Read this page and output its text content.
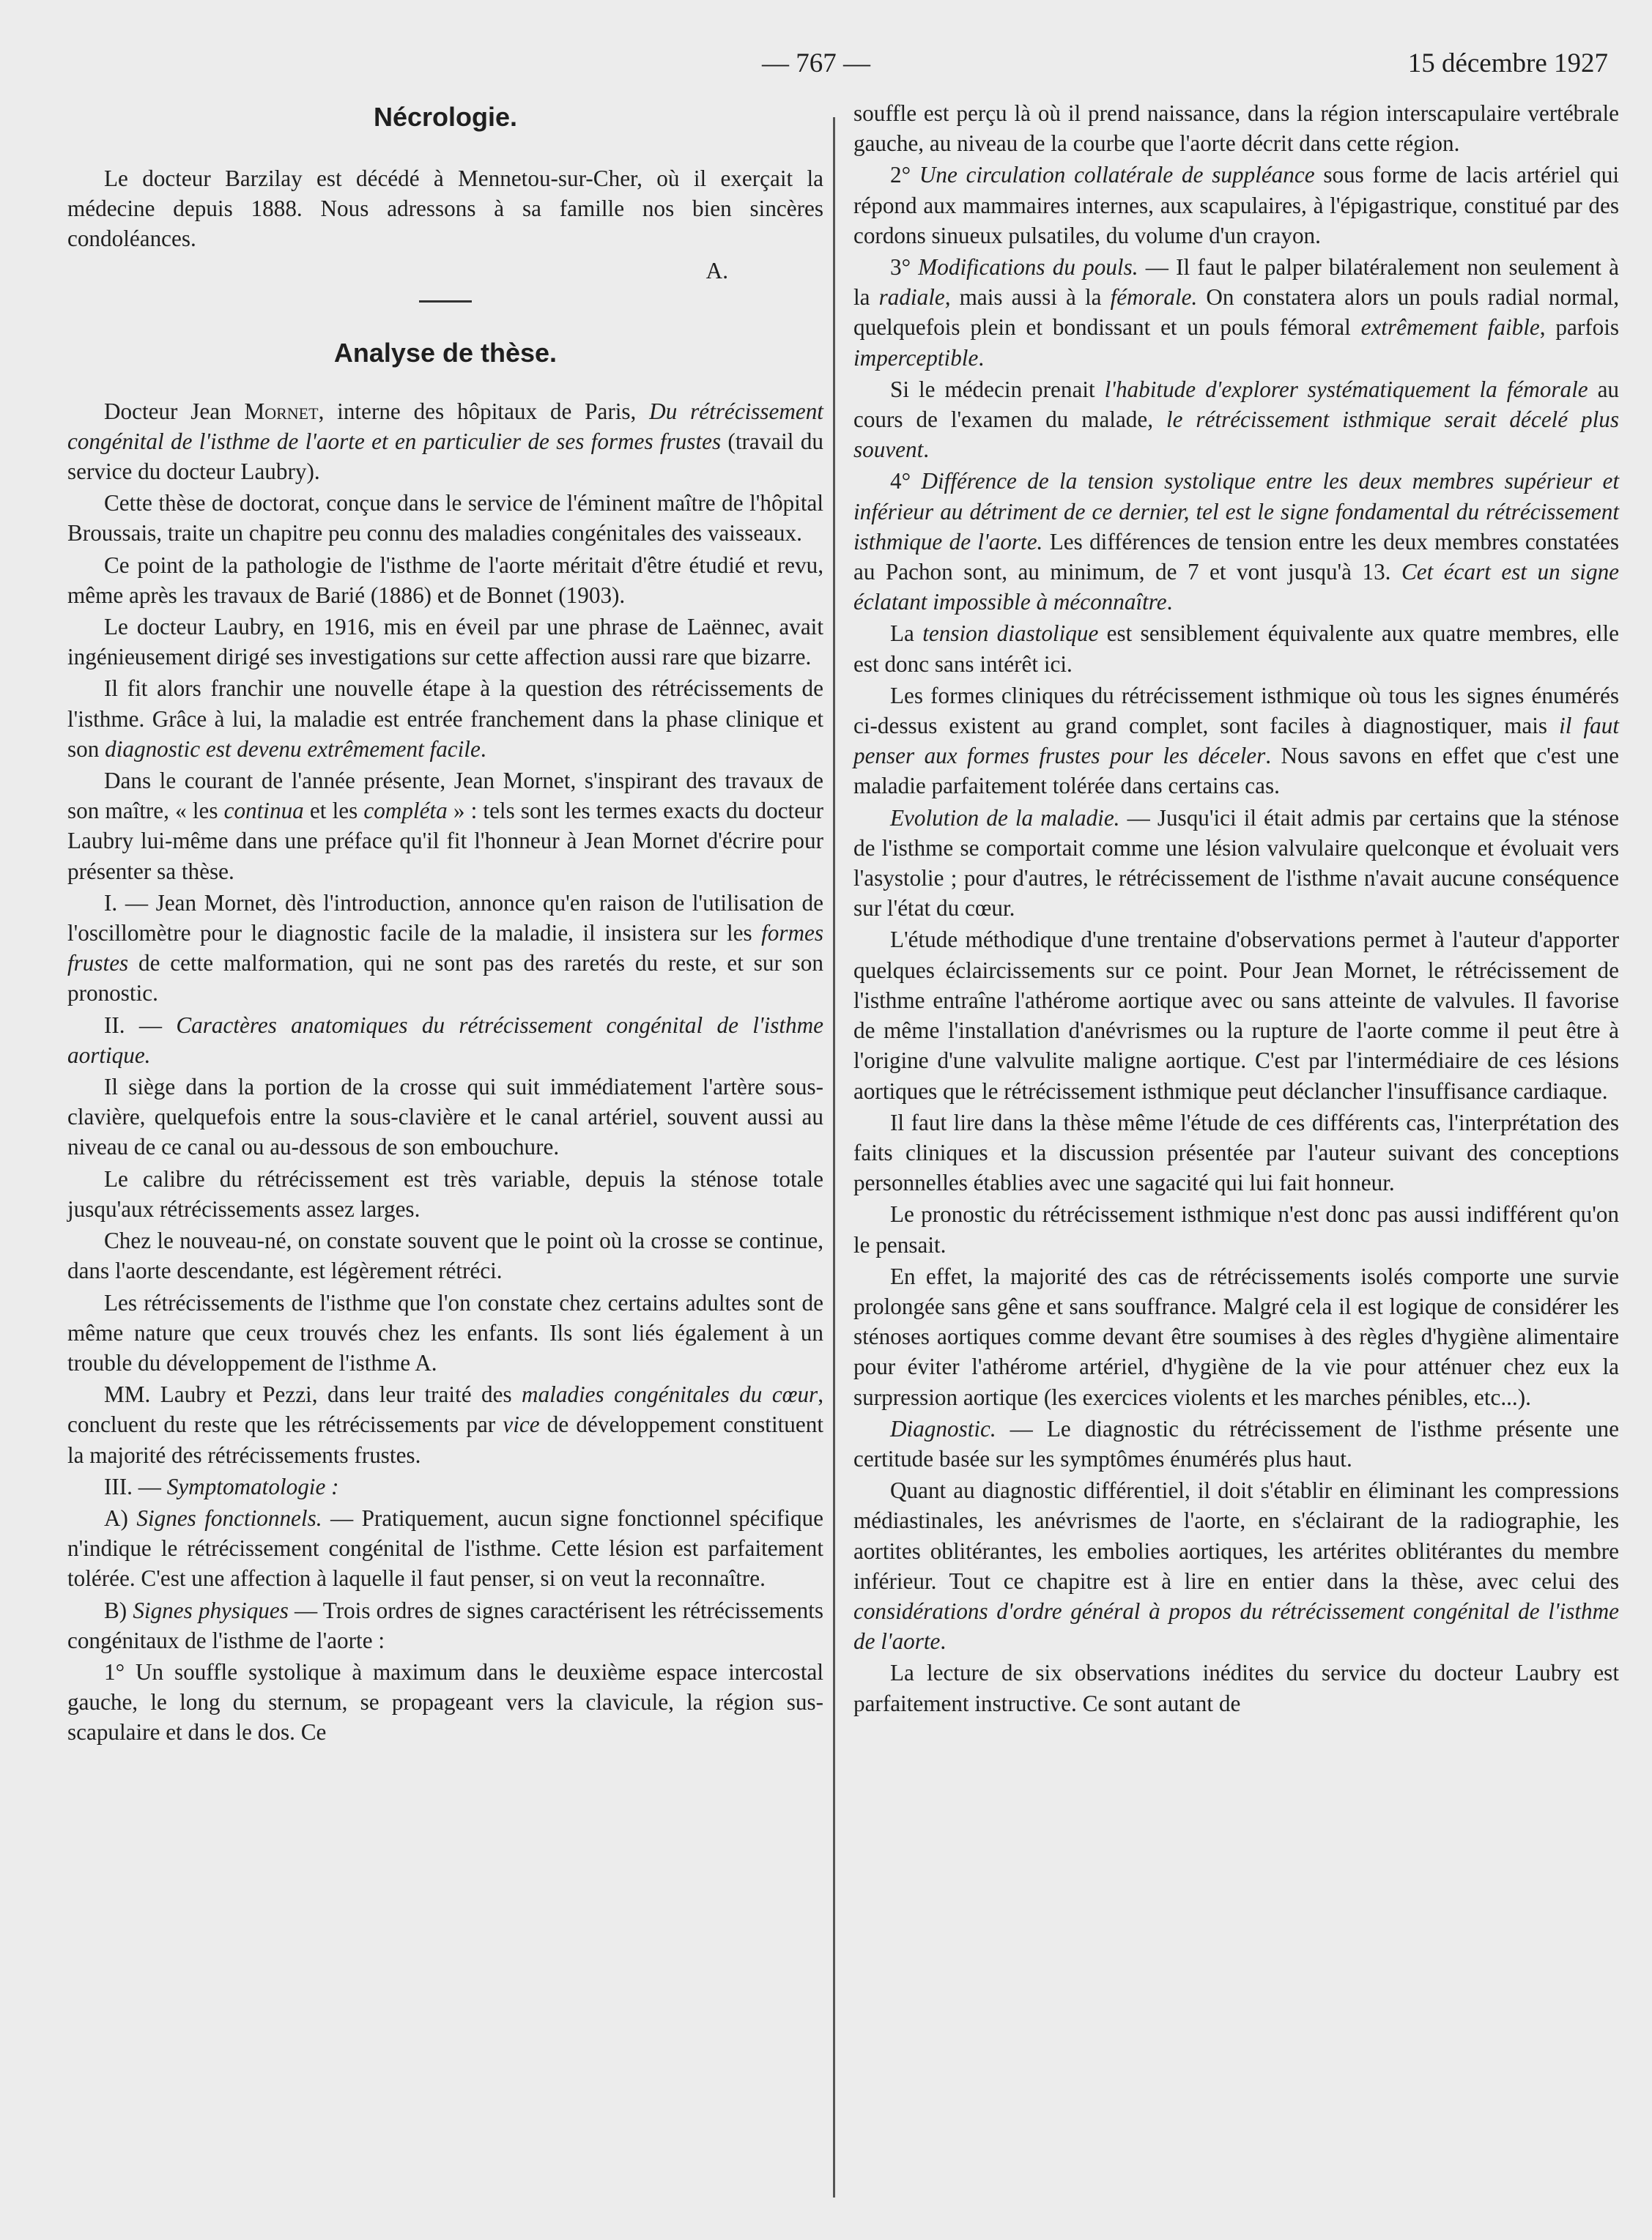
— 767 —	15 décembre 1927
Nécrologie.

Le docteur Barzilay est décédé à Mennetou-sur-Cher, où il exerçait la médecine depuis 1888. Nous adressons à sa famille nos bien sincères condoléances.

A.

Analyse de thèse.

Docteur Jean Mornet, interne des hôpitaux de Paris, Du rétrécissement congénital de l'isthme de l'aorte et en particulier de ses formes frustes (travail du service du docteur Laubry).

Cette thèse de doctorat, conçue dans le service de l'éminent maître de l'hôpital Broussais, traite un chapitre peu connu des maladies congénitales des vaisseaux.

Ce point de la pathologie de l'isthme de l'aorte méritait d'être étudié et revu, même après les travaux de Barié (1886) et de Bonnet (1903).

Le docteur Laubry, en 1916, mis en éveil par une phrase de Laënnec, avait ingénieusement dirigé ses investigations sur cette affection aussi rare que bizarre.

Il fit alors franchir une nouvelle étape à la question des rétrécissements de l'isthme. Grâce à lui, la maladie est entrée franchement dans la phase clinique et son diagnostic est devenu extrêmement facile.

Dans le courant de l'année présente, Jean Mornet, s'inspirant des travaux de son maître, « les continua et les compléta » : tels sont les termes exacts du docteur Laubry lui-même dans une préface qu'il fit l'honneur à Jean Mornet d'écrire pour présenter sa thèse.

I. — Jean Mornet, dès l'introduction, annonce qu'en raison de l'utilisation de l'oscillomètre pour le diagnostic facile de la maladie, il insistera sur les formes frustes de cette malformation, qui ne sont pas des raretés du reste, et sur son pronostic.

II. — Caractères anatomiques du rétrécissement congénital de l'isthme aortique.

Il siège dans la portion de la crosse qui suit immédiatement l'artère sous-clavière, quelquefois entre la sous-clavière et le canal artériel, souvent aussi au niveau de ce canal ou au-dessous de son embouchure.

Le calibre du rétrécissement est très variable, depuis la sténose totale jusqu'aux rétrécissements assez larges.

Chez le nouveau-né, on constate souvent que le point où la crosse se continue, dans l'aorte descendante, est légèrement rétréci.

Les rétrécissements de l'isthme que l'on constate chez certains adultes sont de même nature que ceux trouvés chez les enfants. Ils sont liés également à un trouble du développement de l'isthme A.

MM. Laubry et Pezzi, dans leur traité des maladies congénitales du cœur, concluent du reste que les rétrécissements par vice de développement constituent la majorité des rétrécissements frustes.

III. — Symptomatologie :

A) Signes fonctionnels. — Pratiquement, aucun signe fonctionnel spécifique n'indique le rétrécissement congénital de l'isthme. Cette lésion est parfaitement tolérée. C'est une affection à laquelle il faut penser, si on veut la reconnaître.

B) Signes physiques — Trois ordres de signes caractérisent les rétrécissements congénitaux de l'isthme de l'aorte :

1° Un souffle systolique à maximum dans le deuxième espace intercostal gauche, le long du sternum, se propageant vers la clavicule, la région sus-scapulaire et dans le dos. Ce

souffle est perçu là où il prend naissance, dans la région interscapulaire vertébrale gauche, au niveau de la courbe que l'aorte décrit dans cette région.

2° Une circulation collatérale de suppléance sous forme de lacis artériel qui répond aux mammaires internes, aux scapulaires, à l'épigastrique, constitué par des cordons sinueux pulsatiles, du volume d'un crayon.

3° Modifications du pouls. — Il faut le palper bilatéralement non seulement à la radiale, mais aussi à la fémorale. On constatera alors un pouls radial normal, quelquefois plein et bondissant et un pouls fémoral extrêmement faible, parfois imperceptible.

Si le médecin prenait l'habitude d'explorer systématiquement la fémorale au cours de l'examen du malade, le rétrécissement isthmique serait décelé plus souvent.

4° Différence de la tension systolique entre les deux membres supérieur et inférieur au détriment de ce dernier, tel est le signe fondamental du rétrécissement isthmique de l'aorte. Les différences de tension entre les deux membres constatées au Pachon sont, au minimum, de 7 et vont jusqu'à 13. Cet écart est un signe éclatant impossible à méconnaître.

La tension diastolique est sensiblement équivalente aux quatre membres, elle est donc sans intérêt ici.

Les formes cliniques du rétrécissement isthmique où tous les signes énumérés ci-dessus existent au grand complet, sont faciles à diagnostiquer, mais il faut penser aux formes frustes pour les déceler. Nous savons en effet que c'est une maladie parfaitement tolérée dans certains cas.

Evolution de la maladie. — Jusqu'ici il était admis par certains que la sténose de l'isthme se comportait comme une lésion valvulaire quelconque et évoluait vers l'asystolie ; pour d'autres, le rétrécissement de l'isthme n'avait aucune conséquence sur l'état du cœur.

L'étude méthodique d'une trentaine d'observations permet à l'auteur d'apporter quelques éclaircissements sur ce point. Pour Jean Mornet, le rétrécissement de l'isthme entraîne l'athérome aortique avec ou sans atteinte de valvules. Il favorise de même l'installation d'anévrismes ou la rupture de l'aorte comme il peut être à l'origine d'une valvulite maligne aortique. C'est par l'intermédiaire de ces lésions aortiques que le rétrécissement isthmique peut déclancher l'insuffisance cardiaque.

Il faut lire dans la thèse même l'étude de ces différents cas, l'interprétation des faits cliniques et la discussion présentée par l'auteur suivant des conceptions personnelles établies avec une sagacité qui lui fait honneur.

Le pronostic du rétrécissement isthmique n'est donc pas aussi indifférent qu'on le pensait.

En effet, la majorité des cas de rétrécissements isolés comporte une survie prolongée sans gêne et sans souffrance. Malgré cela il est logique de considérer les sténoses aortiques comme devant être soumises à des règles d'hygiène alimentaire pour éviter l'athérome artériel, d'hygiène de la vie pour atténuer chez eux la surpression aortique (les exercices violents et les marches pénibles, etc...).

Diagnostic. — Le diagnostic du rétrécissement de l'isthme présente une certitude basée sur les symptômes énumérés plus haut.

Quant au diagnostic différentiel, il doit s'établir en éliminant les compressions médiastinales, les anévrismes de l'aorte, en s'éclairant de la radiographie, les aortites oblitérantes, les embolies aortiques, les artérites oblitérantes du membre inférieur. Tout ce chapitre est à lire en entier dans la thèse, avec celui des considérations d'ordre général à propos du rétrécissement congénital de l'isthme de l'aorte.

La lecture de six observations inédites du service du docteur Laubry est parfaitement instructive. Ce sont autant de
